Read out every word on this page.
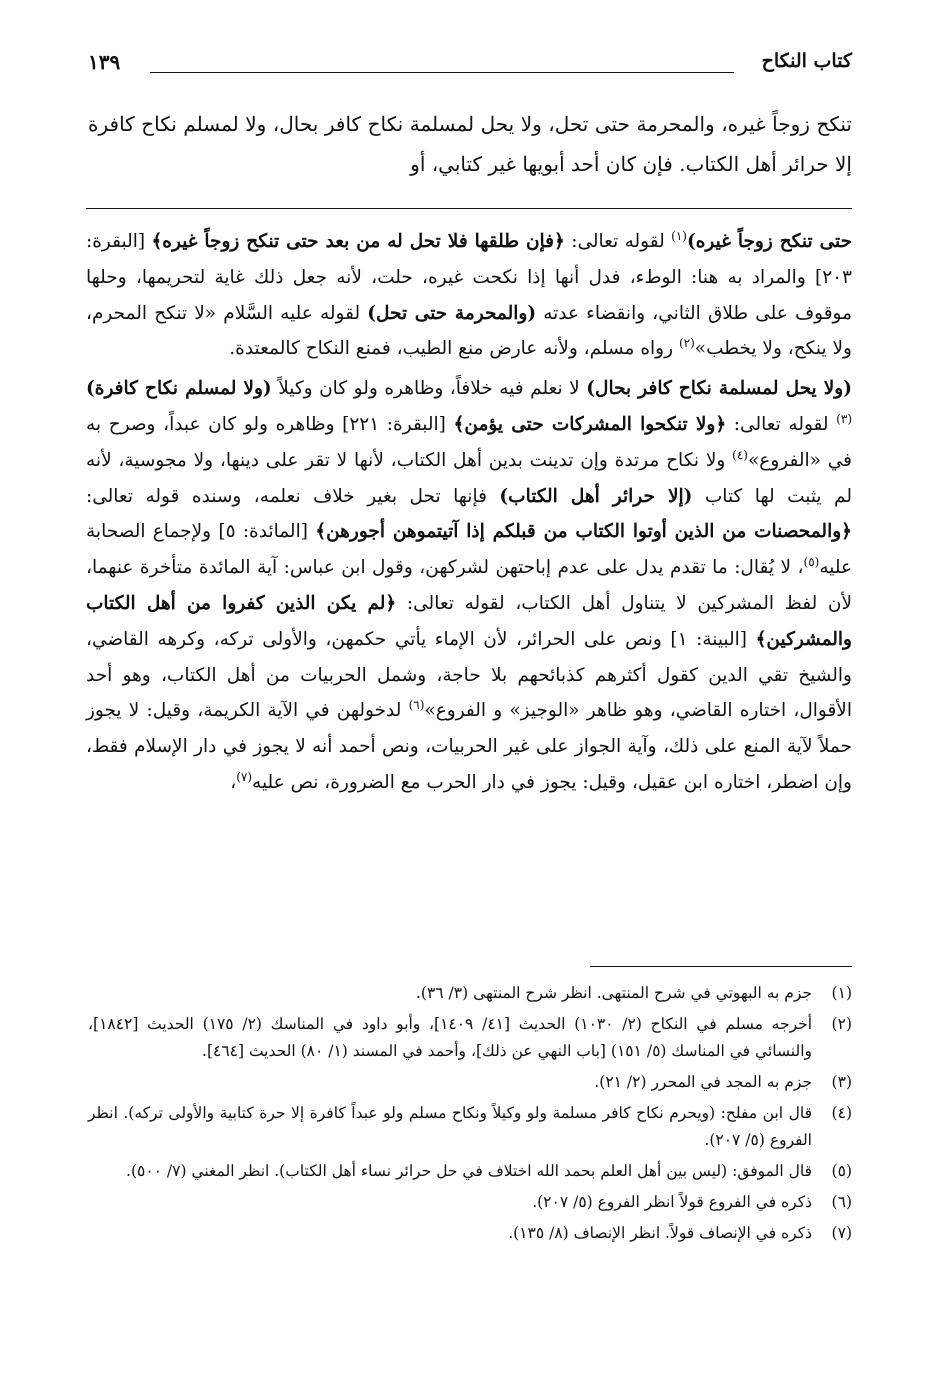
كتاب النكاح
١٣٩
تنكح زوجاً غيره، والمحرمة حتى تحل، ولا يحل لمسلمة نكاح كافر بحال، ولا لمسلم نكاح كافرة إلا حرائر أهل الكتاب. فإن كان أحد أبويها غير كتابي، أو

حتى تنكح زوجاً غيره)$^{(١)}$ لقوله تعالى: ﴿فإن طلقها فلا تحل له من بعد حتى تنكح زوجاً غيره﴾ [البقرة: ٢٠٣] والمراد به هنا: الوطء، فدل أنها إذا نكحت غيره، حلت، لأنه جعل ذلك غاية لتحريمها، وحلها موقوف على طلاق الثاني، وانقضاء عدته (والمحرمة حتى تحل) لقوله عليه السَّلام «لا تنكح المحرم، ولا ينكح، ولا يخطب»$^{(٢)}$ رواه مسلم، ولأنه عارض منع الطيب، فمنع النكاح كالمعتدة.

(ولا يحل لمسلمة نكاح كافر بحال) لا نعلم فيه خلافاً، وظاهره ولو كان وكيلاً (ولا لمسلم نكاح كافرة)$^{(٣)}$ لقوله تعالى: ﴿ولا تنكحوا المشركات حتى يؤمن﴾ [البقرة: ٢٢١] وظاهره ولو كان عبداً، وصرح به في «الفروع»$^{(٤)}$ ولا نكاح مرتدة وإن تدينت بدين أهل الكتاب، لأنها لا تقر على دينها، ولا مجوسية، لأنه لم يثبت لها كتاب (إلا حرائر أهل الكتاب) فإنها تحل بغير خلاف نعلمه، وسنده قوله تعالى: ﴿والمحصنات من الذين أوتوا الكتاب من قبلكم إذا آتيتموهن أجورهن﴾ [المائدة: ٥] ولإجماع الصحابة عليه$^{(٥)}$، لا يُقال: ما تقدم يدل على عدم إباحتهن لشركهن، وقول ابن عباس: آية المائدة متأخرة عنهما، لأن لفظ المشركين لا يتناول أهل الكتاب، لقوله تعالى: ﴿لم يكن الذين كفروا من أهل الكتاب والمشركين﴾ [البينة: ١] ونص على الحرائر، لأن الإماء يأتي حكمهن، والأولى تركه، وكرهه القاضي، والشيخ تقي الدين كقول أكثرهم كذبائحهم بلا حاجة، وشمل الحربيات من أهل الكتاب، وهو أحد الأقوال، اختاره القاضي، وهو ظاهر «الوجيز» و الفروع»$^{(٦)}$ لدخولهن في الآية الكريمة، وقيل: لا يجوز حملاً لآية المنع على ذلك، وآية الجواز على غير الحربيات، ونص أحمد أنه لا يجوز في دار الإسلام فقط، وإن اضطر، اختاره ابن عقيل، وقيل: يجوز في دار الحرب مع الضرورة، نص عليه$^{(٧)}$،

(١)
جزم به البهوتي في شرح المنتهى. انظر شرح المنتهى (٣/ ٣٦).
(٢)
أخرجه مسلم في النكاح (٢/ ١٠٣٠) الحديث [٤١/ ١٤٠٩]، وأبو داود في المناسك (٢/ ١٧٥) الحديث [١٨٤٢]، والنسائي في المناسك (٥/ ١٥١) [باب النهي عن ذلك]، وأحمد في المسند (١/ ٨٠) الحديث [٤٦٤].
(٣)
جزم به المجد في المحرر (٢/ ٢١).
(٤)
قال ابن مفلح: (ويحرم نكاح كافر مسلمة ولو وكيلاً ونكاح مسلم ولو عبداً كافرة إلا حرة كتابية والأولى تركه). انظر الفروع (٥/ ٢٠٧).
(٥)
قال الموفق: (ليس بين أهل العلم بحمد الله اختلاف في حل حرائر نساء أهل الكتاب). انظر المغني (٧/ ٥٠٠).
(٦)
ذكره في الفروع قولاً انظر الفروع (٥/ ٢٠٧).
(٧)
ذكره في الإنصاف قولاً. انظر الإنصاف (٨/ ١٣٥).
